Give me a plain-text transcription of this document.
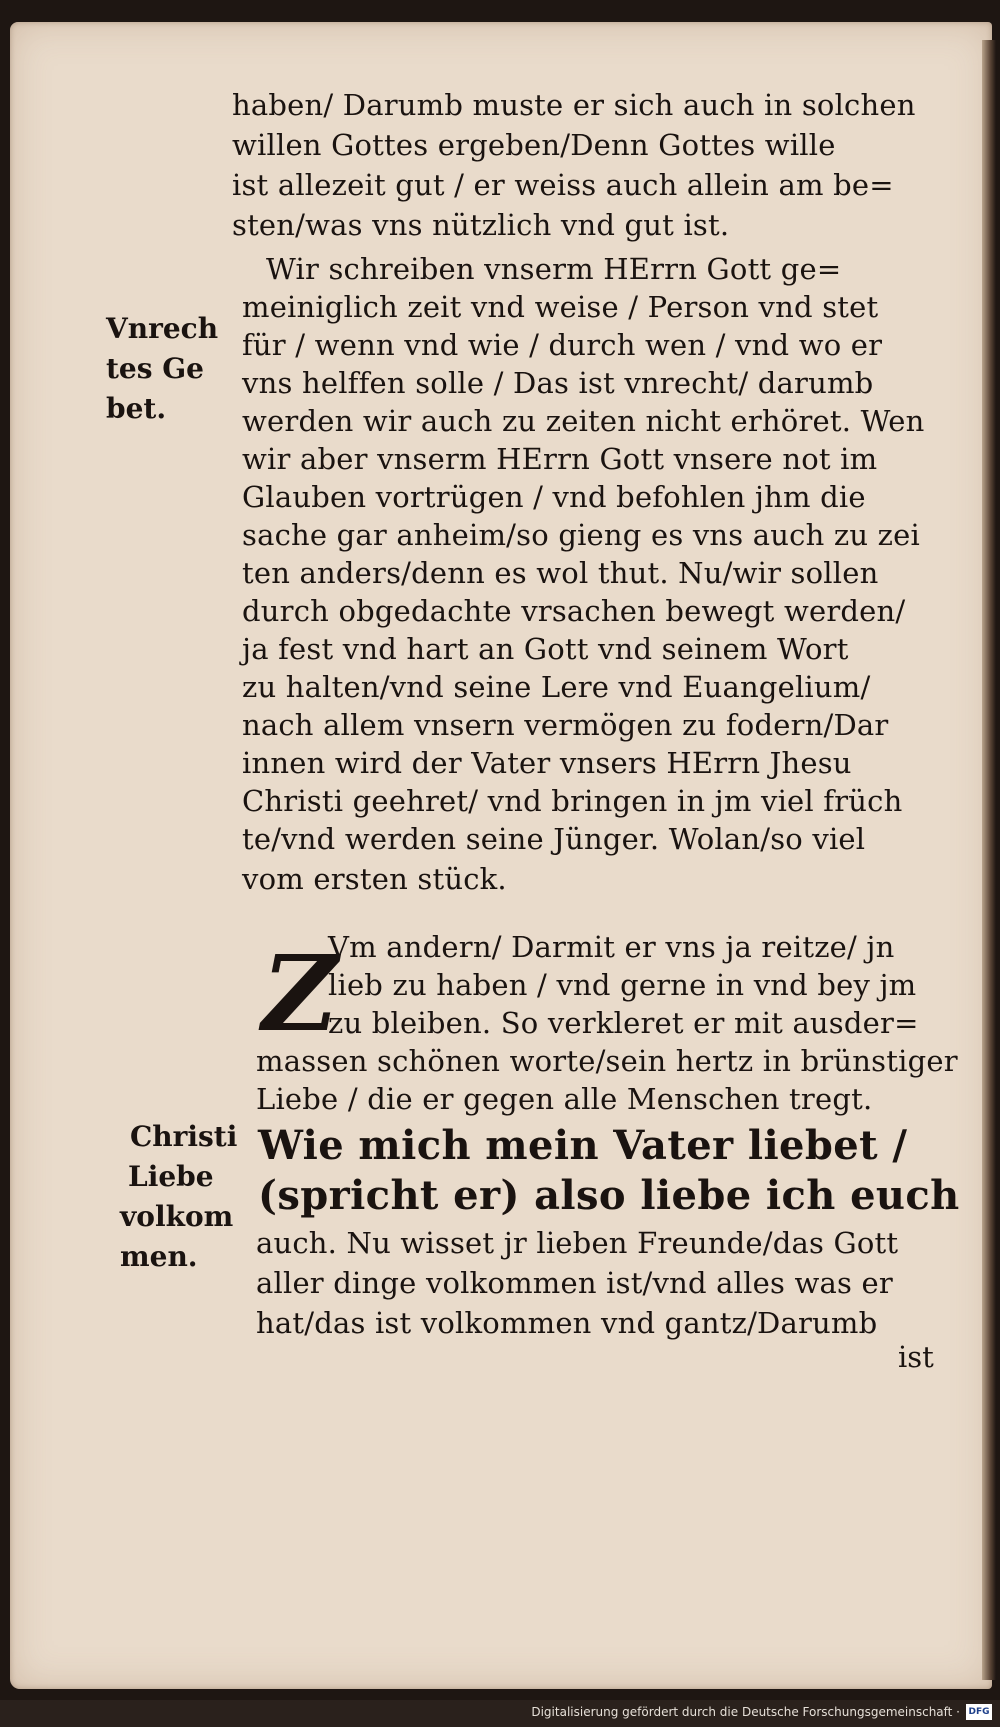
haben/ Darumb muste er sich auch in solchen
willen Gottes ergeben/Denn Gottes wille
ist allezeit gut / er weiss auch allein am be=
sten/was vns nützlich vnd gut ist.
Wir schreiben vnserm HErrn Gott ge=
meiniglich zeit vnd weise / Person vnd stet
für / wenn vnd wie / durch wen / vnd wo er
vns helffen solle / Das ist vnrecht/ darumb
werden wir auch zu zeiten nicht erhöret. Wen
wir aber vnserm HErrn Gott vnsere not im
Glauben vortrügen / vnd befohlen jhm die
sache gar anheim/so gieng es vns auch zu zei
ten anders/denn es wol thut. Nu/wir sollen
durch obgedachte vrsachen bewegt werden/
ja fest vnd hart an Gott vnd seinem Wort
zu halten/vnd seine Lere vnd Euangelium/
nach allem vnsern vermögen zu fodern/Dar
innen wird der Vater vnsers HErrn Jhesu
Christi geehret/ vnd bringen in jm viel früch
te/vnd werden seine Jünger. Wolan/so viel
vom ersten stück.
Z
Vm andern/ Darmit er vns ja reitze/ jn
lieb zu haben / vnd gerne in vnd bey jm
zu bleiben. So verkleret er mit ausder=
massen schönen worte/sein hertz in brünstiger
Liebe / die er gegen alle Menschen tregt.
Wie mich mein Vater liebet /
(spricht er) also liebe ich euch
auch. Nu wisset jr lieben Freunde/das Gott
aller dinge volkommen ist/vnd alles was er
hat/das ist volkommen vnd gantz/Darumb
ist
Vnrech
tes Ge
bet.
Christi
Liebe
volkom
men.
Digitalisierung gefördert durch die Deutsche Forschungsgemeinschaft · DFG
